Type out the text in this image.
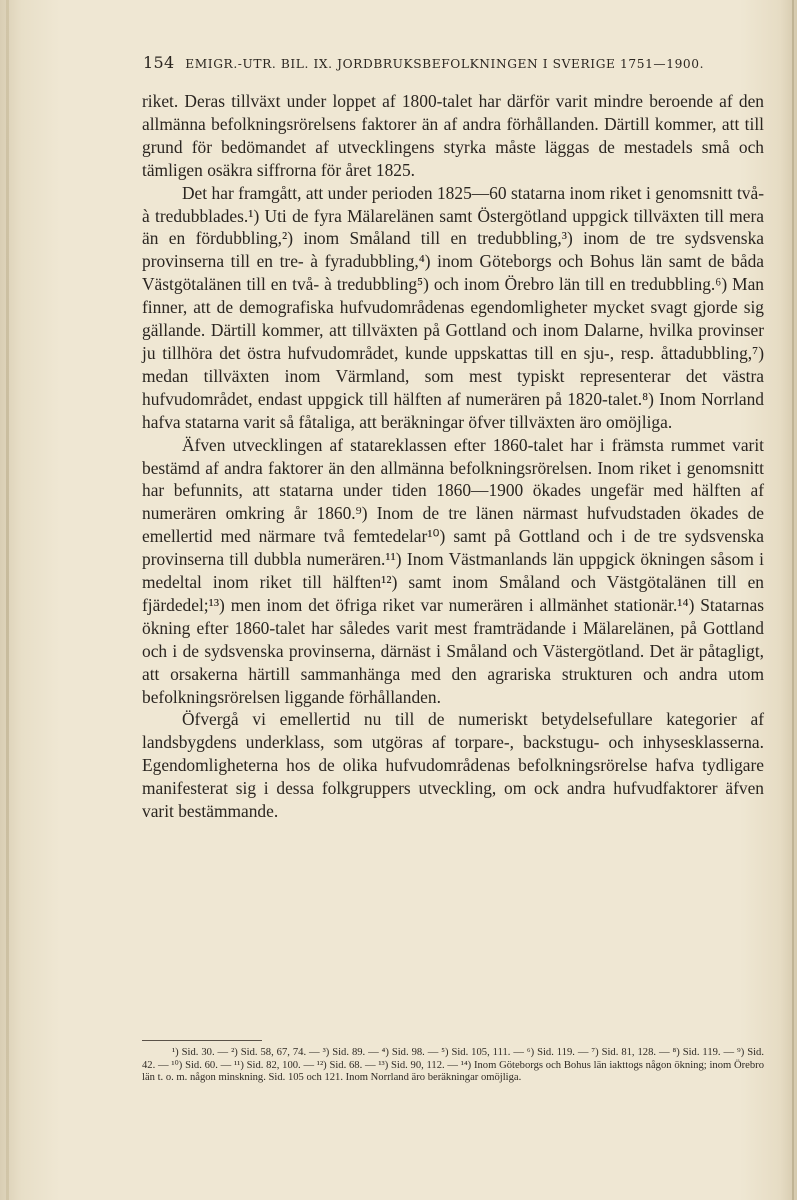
154 EMIGR.-UTR. BIL. IX. JORDBRUKSBEFOLKNINGEN I SVERIGE 1751—1900.

riket. Deras tillväxt under loppet af 1800-talet har därför varit mindre beroende af den allmänna befolkningsrörelsens faktorer än af andra förhållanden. Därtill kommer, att till grund för bedömandet af utvecklingens styrka måste läggas de mestadels små och tämligen osäkra siffrorna för året 1825.

Det har framgått, att under perioden 1825—60 statarna inom riket i genomsnitt två- à tredubblades.¹) Uti de fyra Mälarelänen samt Östergötland uppgick tillväxten till mera än en fördubbling,²) inom Småland till en tredubbling,³) inom de tre sydsvenska provinserna till en tre- à fyradubbling,⁴) inom Göteborgs och Bohus län samt de båda Västgötalänen till en två- à tredubbling⁵) och inom Örebro län till en tredubbling.⁶) Man finner, att de demografiska hufvudområdenas egendomligheter mycket svagt gjorde sig gällande. Därtill kommer, att tillväxten på Gottland och inom Dalarne, hvilka provinser ju tillhöra det östra hufvudområdet, kunde uppskattas till en sju-, resp. åttadubbling,⁷) medan tillväxten inom Värmland, som mest typiskt representerar det västra hufvudområdet, endast uppgick till hälften af numerären på 1820-talet.⁸) Inom Norrland hafva statarna varit så fåtaliga, att beräkningar öfver tillväxten äro omöjliga.

Äfven utvecklingen af statareklassen efter 1860-talet har i främsta rummet varit bestämd af andra faktorer än den allmänna befolkningsrörelsen. Inom riket i genomsnitt har befunnits, att statarna under tiden 1860—1900 ökades ungefär med hälften af numerären omkring år 1860.⁹) Inom de tre länen närmast hufvudstaden ökades de emellertid med närmare två femtedelar¹⁰) samt på Gottland och i de tre sydsvenska provinserna till dubbla numerären.¹¹) Inom Västmanlands län uppgick ökningen såsom i medeltal inom riket till hälften¹²) samt inom Småland och Västgötalänen till en fjärdedel;¹³) men inom det öfriga riket var numerären i allmänhet stationär.¹⁴) Statarnas ökning efter 1860-talet har således varit mest framträdande i Mälarelänen, på Gottland och i de sydsvenska provinserna, därnäst i Småland och Västergötland. Det är påtagligt, att orsakerna härtill sammanhänga med den agrariska strukturen och andra utom befolkningsrörelsen liggande förhållanden.

Öfvergå vi emellertid nu till de numeriskt betydelsefullare kategorier af landsbygdens underklass, som utgöras af torpare-, backstugu- och inhysesklasserna. Egendomligheterna hos de olika hufvudområdenas befolkningsrörelse hafva tydligare manifesterat sig i dessa folkgruppers utveckling, om ock andra hufvudfaktorer äfven varit bestämmande.

¹) Sid. 30. — ²) Sid. 58, 67, 74. — ³) Sid. 89. — ⁴) Sid. 98. — ⁵) Sid. 105, 111. — ⁶) Sid. 119. — ⁷) Sid. 81, 128. — ⁸) Sid. 119. — ⁹) Sid. 42. — ¹⁰) Sid. 60. — ¹¹) Sid. 82, 100. — ¹²) Sid. 68. — ¹³) Sid. 90, 112. — ¹⁴) Inom Göteborgs och Bohus län iakttogs någon ökning; inom Örebro län t. o. m. någon minskning. Sid. 105 och 121. Inom Norrland äro beräkningar omöjliga.
